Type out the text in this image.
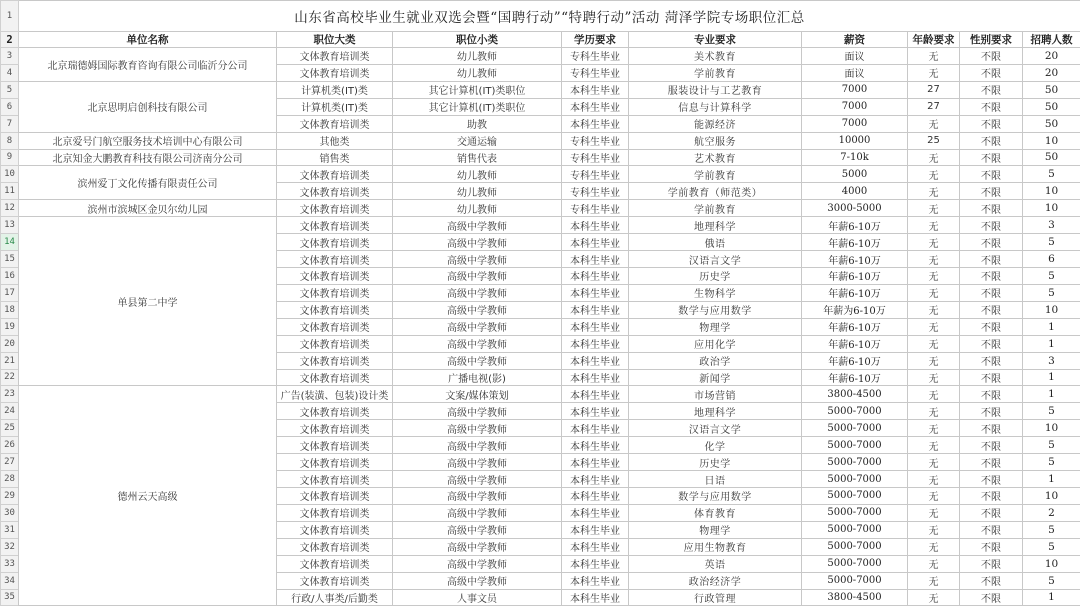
1	山东省高校毕业生就业双选会暨“国聘行动”“特聘行动”活动 菏泽学院专场职位汇总								
2	单位名称	职位大类	职位小类	学历要求	专业要求	薪资	年龄要求	性别要求	招聘人数
3	北京瑞德姆国际教育咨询有限公司临沂分公司	文体教育培训类	幼儿教师	专科生毕业	美术教育	面议	无	不限	20
4		文体教育培训类	幼儿教师	专科生毕业	学前教育	面议	无	不限	20
5	北京思明启创科技有限公司	计算机类(IT)类	其它计算机(IT)类职位	本科生毕业	服装设计与工艺教育	7000	27	不限	50
6		计算机类(IT)类	其它计算机(IT)类职位	本科生毕业	信息与计算科学	7000	27	不限	50
7		文体教育培训类	助教	本科生毕业	能源经济	7000	无	不限	50
8	北京爱号门航空服务技术培训中心有限公司	其他类	交通运输	专科生毕业	航空服务	10000	25	不限	10
9	北京知金大鹏教育科技有限公司济南分公司	销售类	销售代表	专科生毕业	艺术教育	7-10k	无	不限	50
10	滨州爱丁文化传播有限责任公司	文体教育培训类	幼儿教师	专科生毕业	学前教育	5000	无	不限	5
11		文体教育培训类	幼儿教师	专科生毕业	学前教育（师范类）	4000	无	不限	10
12	滨州市滨城区金贝尔幼儿园	文体教育培训类	幼儿教师	专科生毕业	学前教育	3000-5000	无	不限	10
13	单县第二中学	文体教育培训类	高级中学教师	本科生毕业	地理科学	年薪6-10万	无	不限	3
14		文体教育培训类	高级中学教师	本科生毕业	俄语	年薪6-10万	无	不限	5
15		文体教育培训类	高级中学教师	本科生毕业	汉语言文学	年薪6-10万	无	不限	6
16		文体教育培训类	高级中学教师	本科生毕业	历史学	年薪6-10万	无	不限	5
17		文体教育培训类	高级中学教师	本科生毕业	生物科学	年薪6-10万	无	不限	5
18		文体教育培训类	高级中学教师	本科生毕业	数学与应用数学	年薪为6-10万	无	不限	10
19		文体教育培训类	高级中学教师	本科生毕业	物理学	年薪6-10万	无	不限	1
20		文体教育培训类	高级中学教师	本科生毕业	应用化学	年薪6-10万	无	不限	1
21		文体教育培训类	高级中学教师	本科生毕业	政治学	年薪6-10万	无	不限	3
22		文体教育培训类	广播电视(影)	本科生毕业	新闻学	年薪6-10万	无	不限	1
23	德州云天高级	广告(装潢、包装)设计类	文案/媒体策划	本科生毕业	市场营销	3800-4500	无	不限	1
24		文体教育培训类	高级中学教师	本科生毕业	地理科学	5000-7000	无	不限	5
25		文体教育培训类	高级中学教师	本科生毕业	汉语言文学	5000-7000	无	不限	10
26		文体教育培训类	高级中学教师	本科生毕业	化学	5000-7000	无	不限	5
27		文体教育培训类	高级中学教师	本科生毕业	历史学	5000-7000	无	不限	5
28		文体教育培训类	高级中学教师	本科生毕业	日语	5000-7000	无	不限	1
29		文体教育培训类	高级中学教师	本科生毕业	数学与应用数学	5000-7000	无	不限	10
30		文体教育培训类	高级中学教师	本科生毕业	体育教育	5000-7000	无	不限	2
31		文体教育培训类	高级中学教师	本科生毕业	物理学	5000-7000	无	不限	5
32		文体教育培训类	高级中学教师	本科生毕业	应用生物教育	5000-7000	无	不限	5
33		文体教育培训类	高级中学教师	本科生毕业	英语	5000-7000	无	不限	10
34		文体教育培训类	高级中学教师	本科生毕业	政治经济学	5000-7000	无	不限	5
35		行政/人事类/后勤类	人事文员	本科生毕业	行政管理	3800-4500	无	不限	1
